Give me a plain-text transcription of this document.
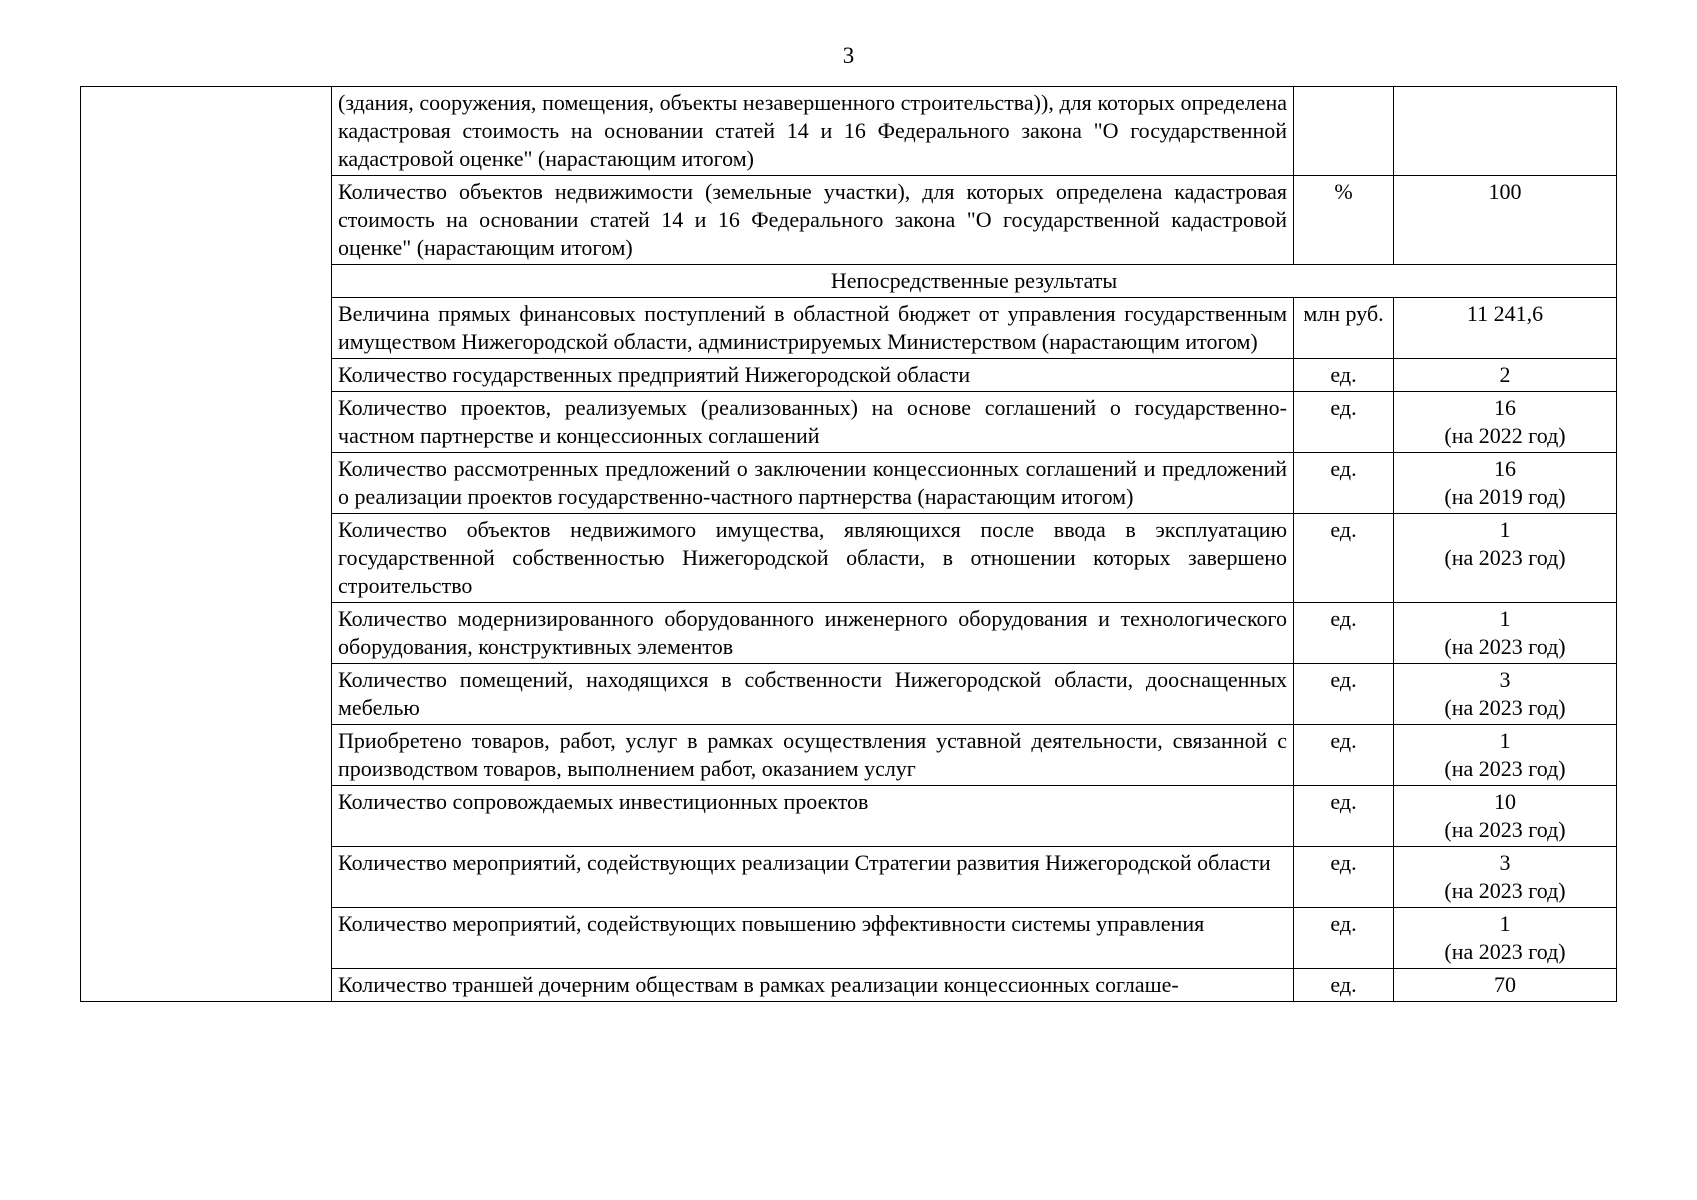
3
	(здания, сооружения, помещения, объекты незавершенного строительства)), для которых определена кадастровая стоимость на основании статей 14 и 16 Федерального закона "О государственной кадастровой оценке" (нарастающим итогом)		

	Количество объектов недвижимости (земельные участки), для которых определена кадастровая стоимость на основании статей 14 и 16 Федерального закона "О государственной кадастровой оценке" (нарастающим итогом)	%	100

	Непосредственные результаты		
	Величина прямых финансовых поступлений в областной бюджет от управления государственным имуществом Нижегородской области, администрируемых Министерством (нарастающим итогом)	млн руб.	11 241,6

	Количество государственных предприятий Нижегородской области	ед.	2

	Количество проектов, реализуемых (реализованных) на основе соглашений о государственно-частном партнерстве и концессионных соглашений	ед.	16
(на 2022 год)

	Количество рассмотренных предложений о заключении концессионных соглашений и предложений о реализации проектов государственно-частного партнерства (нарастающим итогом)	ед.	16
(на 2019 год)

	Количество объектов недвижимого имущества, являющихся после ввода в эксплуатацию государственной собственностью Нижегородской области, в отношении которых завершено строительство	ед.	1
(на 2023 год)

	Количество модернизированного оборудованного инженерного оборудования и технологического оборудования, конструктивных элементов	ед.	1
(на 2023 год)

	Количество помещений, находящихся в собственности Нижегородской области, дооснащенных мебелью	ед.	3
(на 2023 год)

	Приобретено товаров, работ, услуг в рамках осуществления уставной деятельности, связанной с производством товаров, выполнением работ, оказанием услуг	ед.	1
(на 2023 год)

	Количество сопровождаемых инвестиционных проектов	ед.	10
(на 2023 год)

	Количество мероприятий, содействующих реализации Стратегии развития Нижегородской области	ед.	3
(на 2023 год)

	Количество мероприятий, содействующих повышению эффективности системы управления	ед.	1
(на 2023 год)

	Количество траншей дочерним обществам в рамках реализации концессионных соглаше-	ед.	70
